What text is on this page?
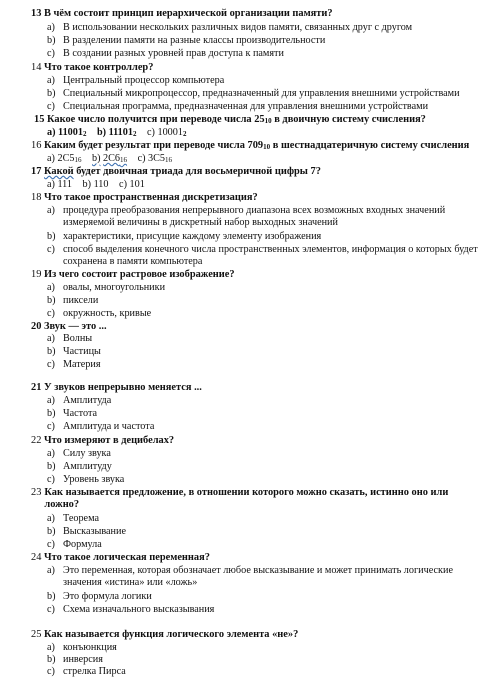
13 В чём состоит принцип иерархической организации памяти?
a) В использовании нескольких различных видов памяти, связанных друг с другом
b) В разделении памяти на разные классы производительности
c) В создании разных уровней прав доступа к памяти
14 Что такое контроллер?
a) Центральный процессор компьютера
b) Специальный микропроцессор, предназначенный для управления внешними устройствами
c) Специальная программа, предназначенная для управления внешними устройствами
15 Какое число получится при переводе числа 2510 в двоичную систему счисления?
a) 110012 b) 111012 c) 100012
16 Каким будет результат при переводе числа 70910 в шестнадцатеричную систему счисления
a) 2C516 b) 2C616 c) 3C516
17 Какой будет двоичная триада для восьмеричной цифры 7?
a) 111 b) 110 c) 101
18 Что такое пространственная дискретизация?
a) процедура преобразования непрерывного диапазона всех возможных входных значений измеряемой величины в дискретный набор выходных значений
b) характеристики, присущие каждому элементу изображения
c) способ выделения конечного числа пространственных элементов, информация о которых будет сохранена в памяти компьютера
19 Из чего состоит растровое изображение?
a) овалы, многоугольники
b) пиксели
c) окружность, кривые
20 Звук — это ...
a) Волны
b) Частицы
c) Материя
21 У звуков непрерывно меняется ...
a) Амплитуда
b) Частота
c) Амплитуда и частота
22 Что измеряют в децибелах?
a) Силу звука
b) Амплитуду
c) Уровень звука
23 Как называется предложение, в отношении которого можно сказать, истинно оно или ложно?
a) Теорема
b) Высказывание
c) Формула
24 Что такое логическая переменная?
a) Это переменная, которая обозначает любое высказывание и может принимать логические значения «истина» или «ложь»
b) Это формула логики
c) Схема изначального высказывания
25 Как называется функция логического элемента «не»?
a) конъюнкция
b) инверсия
c) стрелка Пирса
